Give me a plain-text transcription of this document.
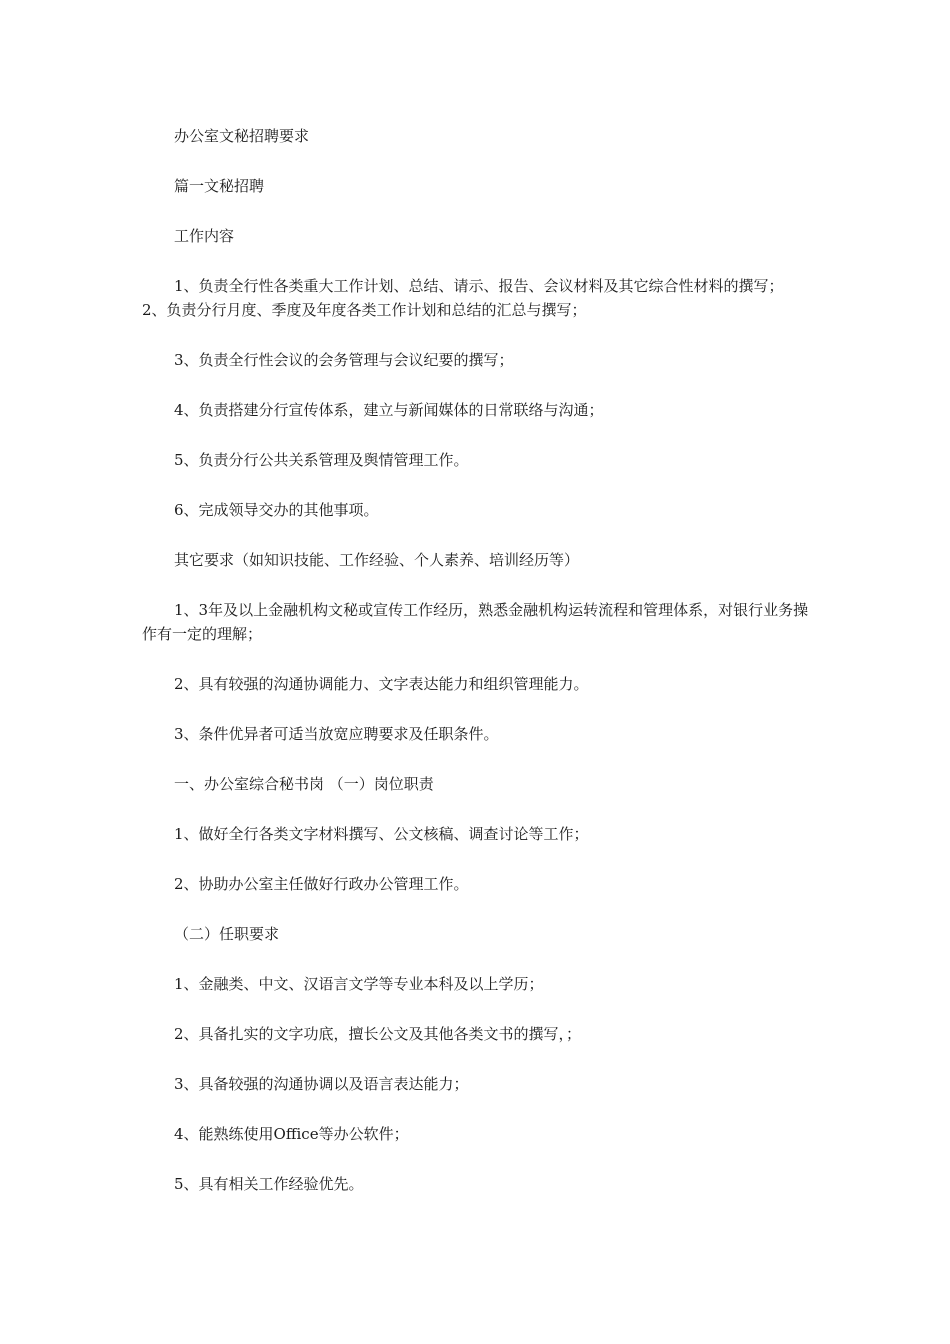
办公室文秘招聘要求

篇一文秘招聘

工作内容

1、负责全行性各类重大工作计划、总结、请示、报告、会议材料及其它综合性材料的撰写； 2、负责分行月度、季度及年度各类工作计划和总结的汇总与撰写；

3、负责全行性会议的会务管理与会议纪要的撰写；

4、负责搭建分行宣传体系，建立与新闻媒体的日常联络与沟通；

5、负责分行公共关系管理及舆情管理工作。

6、完成领导交办的其他事项。

其它要求（如知识技能、工作经验、个人素养、培训经历等）

1、3年及以上金融机构文秘或宣传工作经历，熟悉金融机构运转流程和管理体系，对银行业务操作有一定的理解；

2、具有较强的沟通协调能力、文字表达能力和组织管理能力。

3、条件优异者可适当放宽应聘要求及任职条件。

一、办公室综合秘书岗 （一）岗位职责

1、做好全行各类文字材料撰写、公文核稿、调查讨论等工作；

2、协助办公室主任做好行政办公管理工作。

（二）任职要求

1、金融类、中文、汉语言文学等专业本科及以上学历；

2、具备扎实的文字功底，擅长公文及其他各类文书的撰写，；

3、具备较强的沟通协调以及语言表达能力；

4、能熟练使用Office等办公软件；

5、具有相关工作经验优先。
